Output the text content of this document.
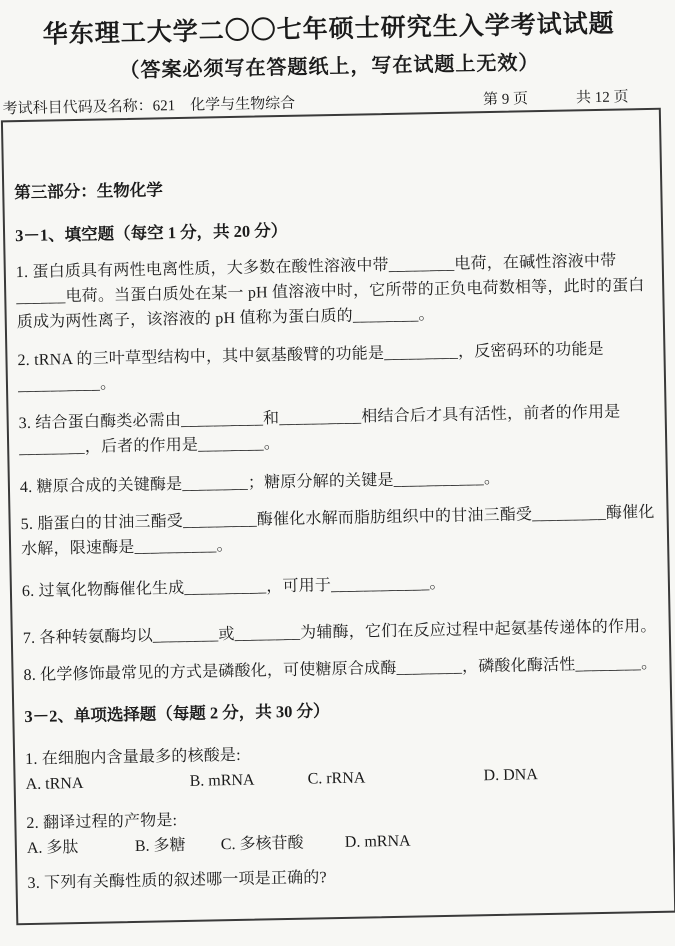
华东理工大学二〇〇七年硕士研究生入学考试试题
（答案必须写在答题纸上，写在试题上无效）
考试科目代码及名称：621　化学与生物综合	第 9 页	共 12 页
第三部分：生物化学
3－1、填空题（每空 1 分，共 20 分）

1. 蛋白质具有两性电离性质，大多数在酸性溶液中带________电荷，在碱性溶液中带______电荷。当蛋白质处在某一 pH 值溶液中时，它所带的正负电荷数相等，此时的蛋白质成为两性离子，该溶液的 pH 值称为蛋白质的________。

2. tRNA 的三叶草型结构中，其中氨基酸臂的功能是_________，反密码环的功能是__________。

3. 结合蛋白酶类必需由__________和__________相结合后才具有活性，前者的作用是________，后者的作用是________。

4. 糖原合成的关键酶是________；糖原分解的关键是___________。

5. 脂蛋白的甘油三酯受_________酶催化水解而脂肪组织中的甘油三酯受_________酶催化水解，限速酶是__________。

6. 过氧化物酶催化生成__________，可用于____________。

7. 各种转氨酶均以________或________为辅酶，它们在反应过程中起氨基传递体的作用。

8. 化学修饰最常见的方式是磷酸化，可使糖原合成酶________，磷酸化酶活性________。

3－2、单项选择题（每题 2 分，共 30 分）

1. 在细胞内含量最多的核酸是:

A. tRNA	B. mRNA	C. rRNA	D. DNA

2. 翻译过程的产物是:

A. 多肽	B. 多糖 C. 多核苷酸	D. mRNA

3. 下列有关酶性质的叙述哪一项是正确的?
